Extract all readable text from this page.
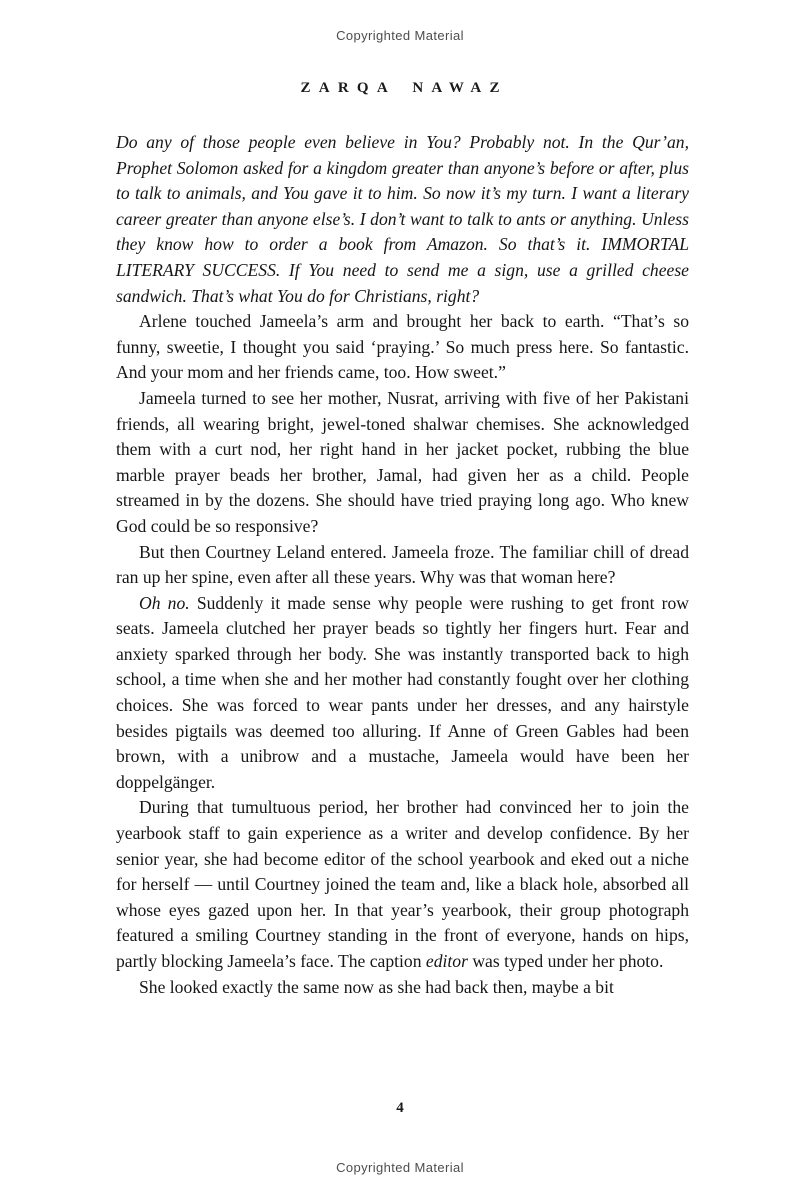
Copyrighted Material
ZARQA NAWAZ

Do any of those people even believe in You? Probably not. In the Qur’an, Prophet Solomon asked for a kingdom greater than anyone’s before or after, plus to talk to animals, and You gave it to him. So now it’s my turn. I want a literary career greater than anyone else’s. I don’t want to talk to ants or anything. Unless they know how to order a book from Amazon. So that’s it. IMMORTAL LITERARY SUCCESS. If You need to send me a sign, use a grilled cheese sandwich. That’s what You do for Christians, right?

Arlene touched Jameela’s arm and brought her back to earth. “That’s so funny, sweetie, I thought you said ‘praying.’ So much press here. So fantastic. And your mom and her friends came, too. How sweet.”

Jameela turned to see her mother, Nusrat, arriving with five of her Pakistani friends, all wearing bright, jewel-toned shalwar chemises. She acknowledged them with a curt nod, her right hand in her jacket pocket, rubbing the blue marble prayer beads her brother, Jamal, had given her as a child. People streamed in by the dozens. She should have tried praying long ago. Who knew God could be so responsive?

But then Courtney Leland entered. Jameela froze. The familiar chill of dread ran up her spine, even after all these years. Why was that woman here?

Oh no. Suddenly it made sense why people were rushing to get front row seats. Jameela clutched her prayer beads so tightly her fingers hurt. Fear and anxiety sparked through her body. She was instantly transported back to high school, a time when she and her mother had constantly fought over her clothing choices. She was forced to wear pants under her dresses, and any hairstyle besides pigtails was deemed too alluring. If Anne of Green Gables had been brown, with a unibrow and a mustache, Jameela would have been her doppelgänger.

During that tumultuous period, her brother had convinced her to join the yearbook staff to gain experience as a writer and develop confidence. By her senior year, she had become editor of the school yearbook and eked out a niche for herself — until Courtney joined the team and, like a black hole, absorbed all whose eyes gazed upon her. In that year’s yearbook, their group photograph featured a smiling Courtney standing in the front of everyone, hands on hips, partly blocking Jameela’s face. The caption editor was typed under her photo.

She looked exactly the same now as she had back then, maybe a bit

4
Copyrighted Material
